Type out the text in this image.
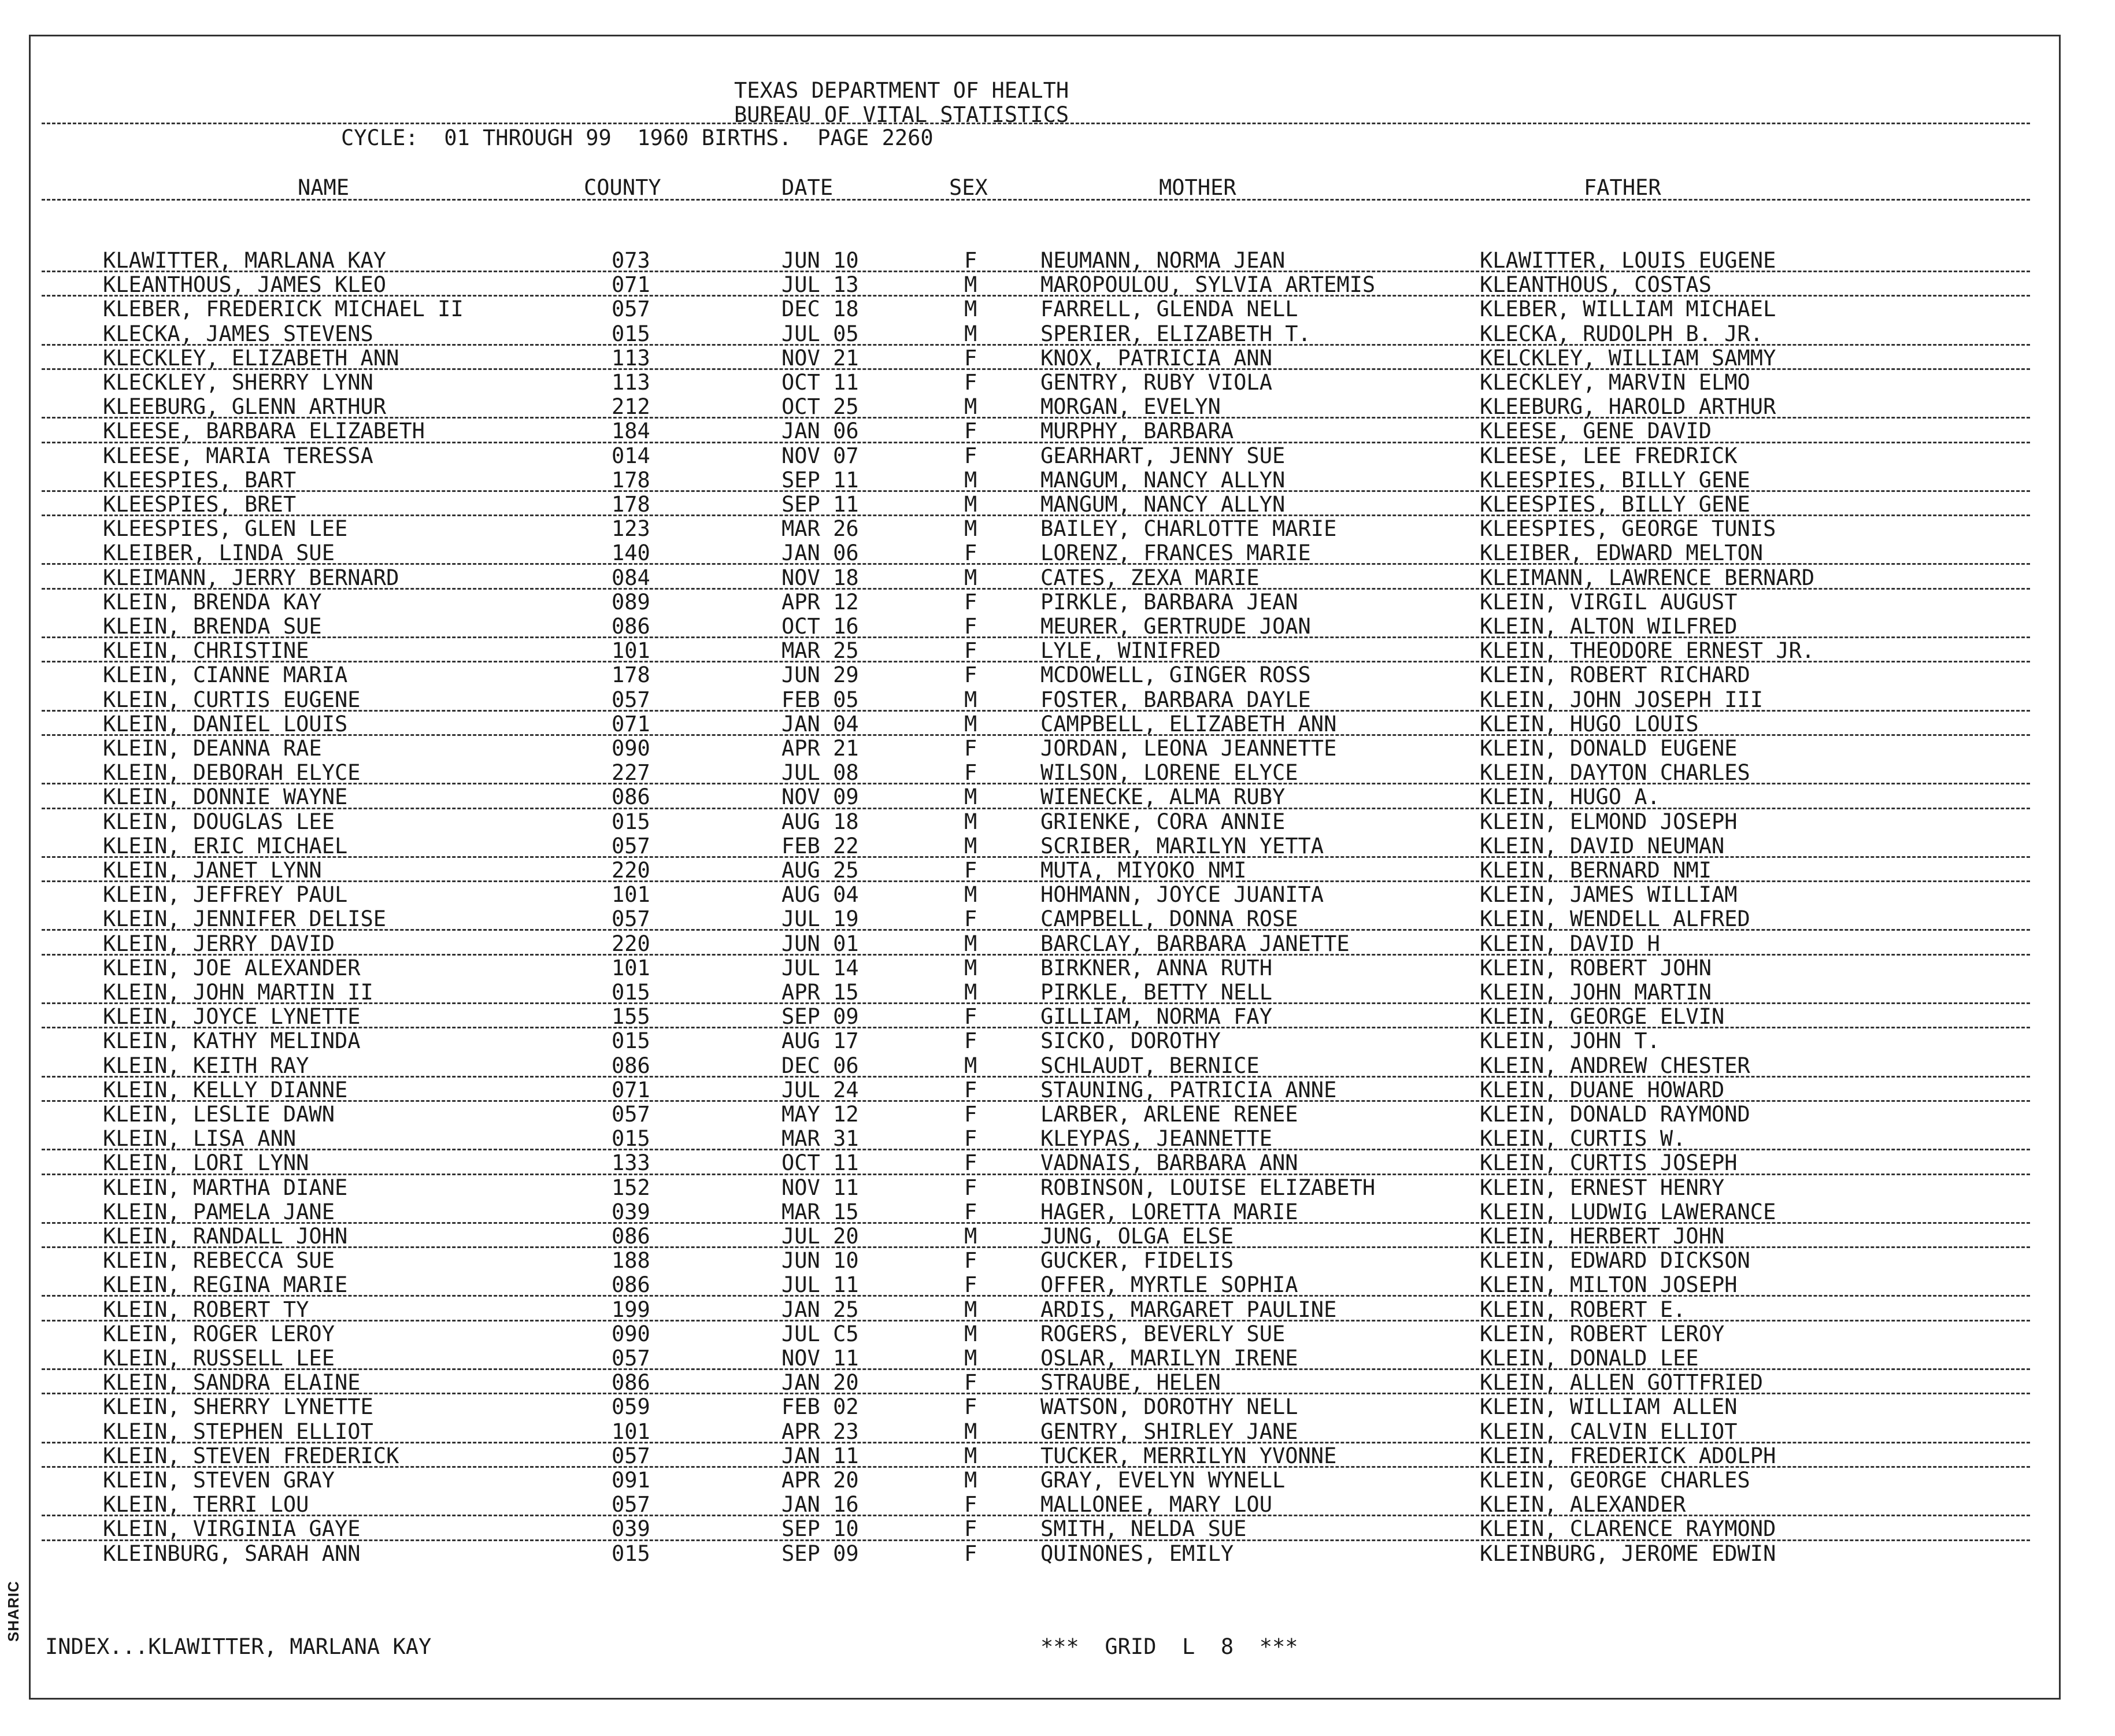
SHARIC
TEXAS DEPARTMENT OF HEALTH
BUREAU OF VITAL STATISTICS
CYCLE:  01 THROUGH 99  1960 BIRTHS.  PAGE 2260
NAME	COUNTY	DATE	SEX	MOTHER	FATHER
KLAWITTER, MARLANA KAY	073	JUN 10	F	NEUMANN, NORMA JEAN	KLAWITTER, LOUIS EUGENE
KLEANTHOUS, JAMES KLEO	071	JUL 13	M	MAROPOULOU, SYLVIA ARTEMIS	KLEANTHOUS, COSTAS
KLEBER, FREDERICK MICHAEL II	057	DEC 18	M	FARRELL, GLENDA NELL	KLEBER, WILLIAM MICHAEL
KLECKA, JAMES STEVENS	015	JUL 05	M	SPERIER, ELIZABETH T.	KLECKA, RUDOLPH B. JR.
KLECKLEY, ELIZABETH ANN	113	NOV 21	F	KNOX, PATRICIA ANN	KELCKLEY, WILLIAM SAMMY
KLECKLEY, SHERRY LYNN	113	OCT 11	F	GENTRY, RUBY VIOLA	KLECKLEY, MARVIN ELMO
KLEEBURG, GLENN ARTHUR	212	OCT 25	M	MORGAN, EVELYN	KLEEBURG, HAROLD ARTHUR
KLEESE, BARBARA ELIZABETH	184	JAN 06	F	MURPHY, BARBARA	KLEESE, GENE DAVID
KLEESE, MARIA TERESSA	014	NOV 07	F	GEARHART, JENNY SUE	KLEESE, LEE FREDRICK
KLEESPIES, BART	178	SEP 11	M	MANGUM, NANCY ALLYN	KLEESPIES, BILLY GENE
KLEESPIES, BRET	178	SEP 11	M	MANGUM, NANCY ALLYN	KLEESPIES, BILLY GENE
KLEESPIES, GLEN LEE	123	MAR 26	M	BAILEY, CHARLOTTE MARIE	KLEESPIES, GEORGE TUNIS
KLEIBER, LINDA SUE	140	JAN 06	F	LORENZ, FRANCES MARIE	KLEIBER, EDWARD MELTON
KLEIMANN, JERRY BERNARD	084	NOV 18	M	CATES, ZEXA MARIE	KLEIMANN, LAWRENCE BERNARD
KLEIN, BRENDA KAY	089	APR 12	F	PIRKLE, BARBARA JEAN	KLEIN, VIRGIL AUGUST
KLEIN, BRENDA SUE	086	OCT 16	F	MEURER, GERTRUDE JOAN	KLEIN, ALTON WILFRED
KLEIN, CHRISTINE	101	MAR 25	F	LYLE, WINIFRED	KLEIN, THEODORE ERNEST JR.
KLEIN, CIANNE MARIA	178	JUN 29	F	MCDOWELL, GINGER ROSS	KLEIN, ROBERT RICHARD
KLEIN, CURTIS EUGENE	057	FEB 05	M	FOSTER, BARBARA DAYLE	KLEIN, JOHN JOSEPH III
KLEIN, DANIEL LOUIS	071	JAN 04	M	CAMPBELL, ELIZABETH ANN	KLEIN, HUGO LOUIS
KLEIN, DEANNA RAE	090	APR 21	F	JORDAN, LEONA JEANNETTE	KLEIN, DONALD EUGENE
KLEIN, DEBORAH ELYCE	227	JUL 08	F	WILSON, LORENE ELYCE	KLEIN, DAYTON CHARLES
KLEIN, DONNIE WAYNE	086	NOV 09	M	WIENECKE, ALMA RUBY	KLEIN, HUGO A.
KLEIN, DOUGLAS LEE	015	AUG 18	M	GRIENKE, CORA ANNIE	KLEIN, ELMOND JOSEPH
KLEIN, ERIC MICHAEL	057	FEB 22	M	SCRIBER, MARILYN YETTA	KLEIN, DAVID NEUMAN
KLEIN, JANET LYNN	220	AUG 25	F	MUTA, MIYOKO NMI	KLEIN, BERNARD NMI
KLEIN, JEFFREY PAUL	101	AUG 04	M	HOHMANN, JOYCE JUANITA	KLEIN, JAMES WILLIAM
KLEIN, JENNIFER DELISE	057	JUL 19	F	CAMPBELL, DONNA ROSE	KLEIN, WENDELL ALFRED
KLEIN, JERRY DAVID	220	JUN 01	M	BARCLAY, BARBARA JANETTE	KLEIN, DAVID H
KLEIN, JOE ALEXANDER	101	JUL 14	M	BIRKNER, ANNA RUTH	KLEIN, ROBERT JOHN
KLEIN, JOHN MARTIN II	015	APR 15	M	PIRKLE, BETTY NELL	KLEIN, JOHN MARTIN
KLEIN, JOYCE LYNETTE	155	SEP 09	F	GILLIAM, NORMA FAY	KLEIN, GEORGE ELVIN
KLEIN, KATHY MELINDA	015	AUG 17	F	SICKO, DOROTHY	KLEIN, JOHN T.
KLEIN, KEITH RAY	086	DEC 06	M	SCHLAUDT, BERNICE	KLEIN, ANDREW CHESTER
KLEIN, KELLY DIANNE	071	JUL 24	F	STAUNING, PATRICIA ANNE	KLEIN, DUANE HOWARD
KLEIN, LESLIE DAWN	057	MAY 12	F	LARBER, ARLENE RENEE	KLEIN, DONALD RAYMOND
KLEIN, LISA ANN	015	MAR 31	F	KLEYPAS, JEANNETTE	KLEIN, CURTIS W.
KLEIN, LORI LYNN	133	OCT 11	F	VADNAIS, BARBARA ANN	KLEIN, CURTIS JOSEPH
KLEIN, MARTHA DIANE	152	NOV 11	F	ROBINSON, LOUISE ELIZABETH	KLEIN, ERNEST HENRY
KLEIN, PAMELA JANE	039	MAR 15	F	HAGER, LORETTA MARIE	KLEIN, LUDWIG LAWERANCE
KLEIN, RANDALL JOHN	086	JUL 20	M	JUNG, OLGA ELSE	KLEIN, HERBERT JOHN
KLEIN, REBECCA SUE	188	JUN 10	F	GUCKER, FIDELIS	KLEIN, EDWARD DICKSON
KLEIN, REGINA MARIE	086	JUL 11	F	OFFER, MYRTLE SOPHIA	KLEIN, MILTON JOSEPH
KLEIN, ROBERT TY	199	JAN 25	M	ARDIS, MARGARET PAULINE	KLEIN, ROBERT E.
KLEIN, ROGER LEROY	090	JUL C5	M	ROGERS, BEVERLY SUE	KLEIN, ROBERT LEROY
KLEIN, RUSSELL LEE	057	NOV 11	M	OSLAR, MARILYN IRENE	KLEIN, DONALD LEE
KLEIN, SANDRA ELAINE	086	JAN 20	F	STRAUBE, HELEN	KLEIN, ALLEN GOTTFRIED
KLEIN, SHERRY LYNETTE	059	FEB 02	F	WATSON, DOROTHY NELL	KLEIN, WILLIAM ALLEN
KLEIN, STEPHEN ELLIOT	101	APR 23	M	GENTRY, SHIRLEY JANE	KLEIN, CALVIN ELLIOT
KLEIN, STEVEN FREDERICK	057	JAN 11	M	TUCKER, MERRILYN YVONNE	KLEIN, FREDERICK ADOLPH
KLEIN, STEVEN GRAY	091	APR 20	M	GRAY, EVELYN WYNELL	KLEIN, GEORGE CHARLES
KLEIN, TERRI LOU	057	JAN 16	F	MALLONEE, MARY LOU	KLEIN, ALEXANDER
KLEIN, VIRGINIA GAYE	039	SEP 10	F	SMITH, NELDA SUE	KLEIN, CLARENCE RAYMOND
KLEINBURG, SARAH ANN	015	SEP 09	F	QUINONES, EMILY	KLEINBURG, JEROME EDWIN
INDEX...KLAWITTER, MARLANA KAY	***  GRID  L  8  ***
